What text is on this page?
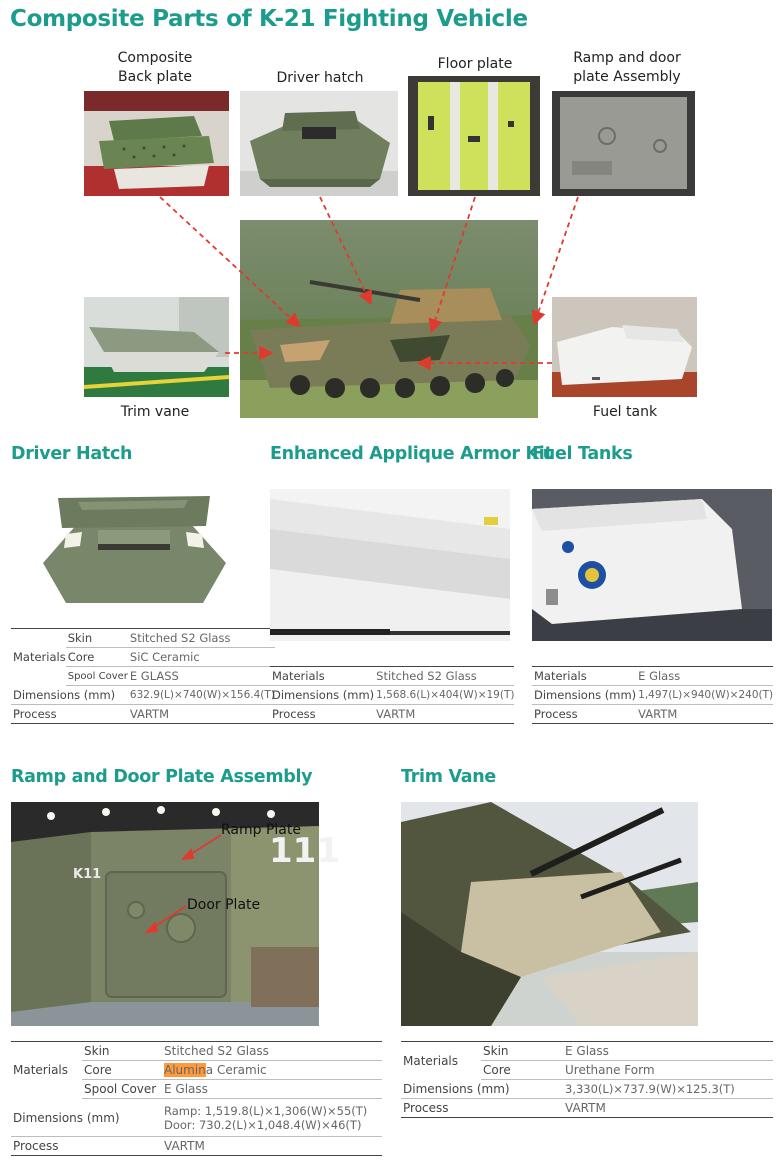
Composite Parts of K-21 Fighting Vehicle
Composite
Back plate	Driver hatch
Floor plate	Ramp and door
plate Assembly
Trim vane	Fuel tank
Driver Hatch
Materials	Skin	Stitched S2 Glass
	Core	SiC Ceramic
	Spool Cover	E GLASS
Dimensions (mm)		632.9(L)×740(W)×156.4(T)
Process		VARTM
Enhanced Applique Armor Kit
Materials	Stitched S2 Glass
Dimensions (mm)	1,568.6(L)×404(W)×19(T)
Process	VARTM
Fuel Tanks
Materials	E Glass
Dimensions (mm)	1,497(L)×940(W)×240(T)
Process	VARTM
Ramp and Door Plate Assembly
111
K11
Ramp Plate
Door Plate
Materials	Skin	Stitched S2 Glass
	Core	Alumina Ceramic
	Spool Cover	E Glass
Dimensions (mm)		Ramp: 1,519.8(L)×1,306(W)×55(T)
Door: 730.2(L)×1,048.4(W)×46(T)

Process		VARTM
Trim Vane
Materials	Skin	E Glass
	Core	Urethane Form
Dimensions (mm)		3,330(L)×737.9(W)×125.3(T)
Process		VARTM
